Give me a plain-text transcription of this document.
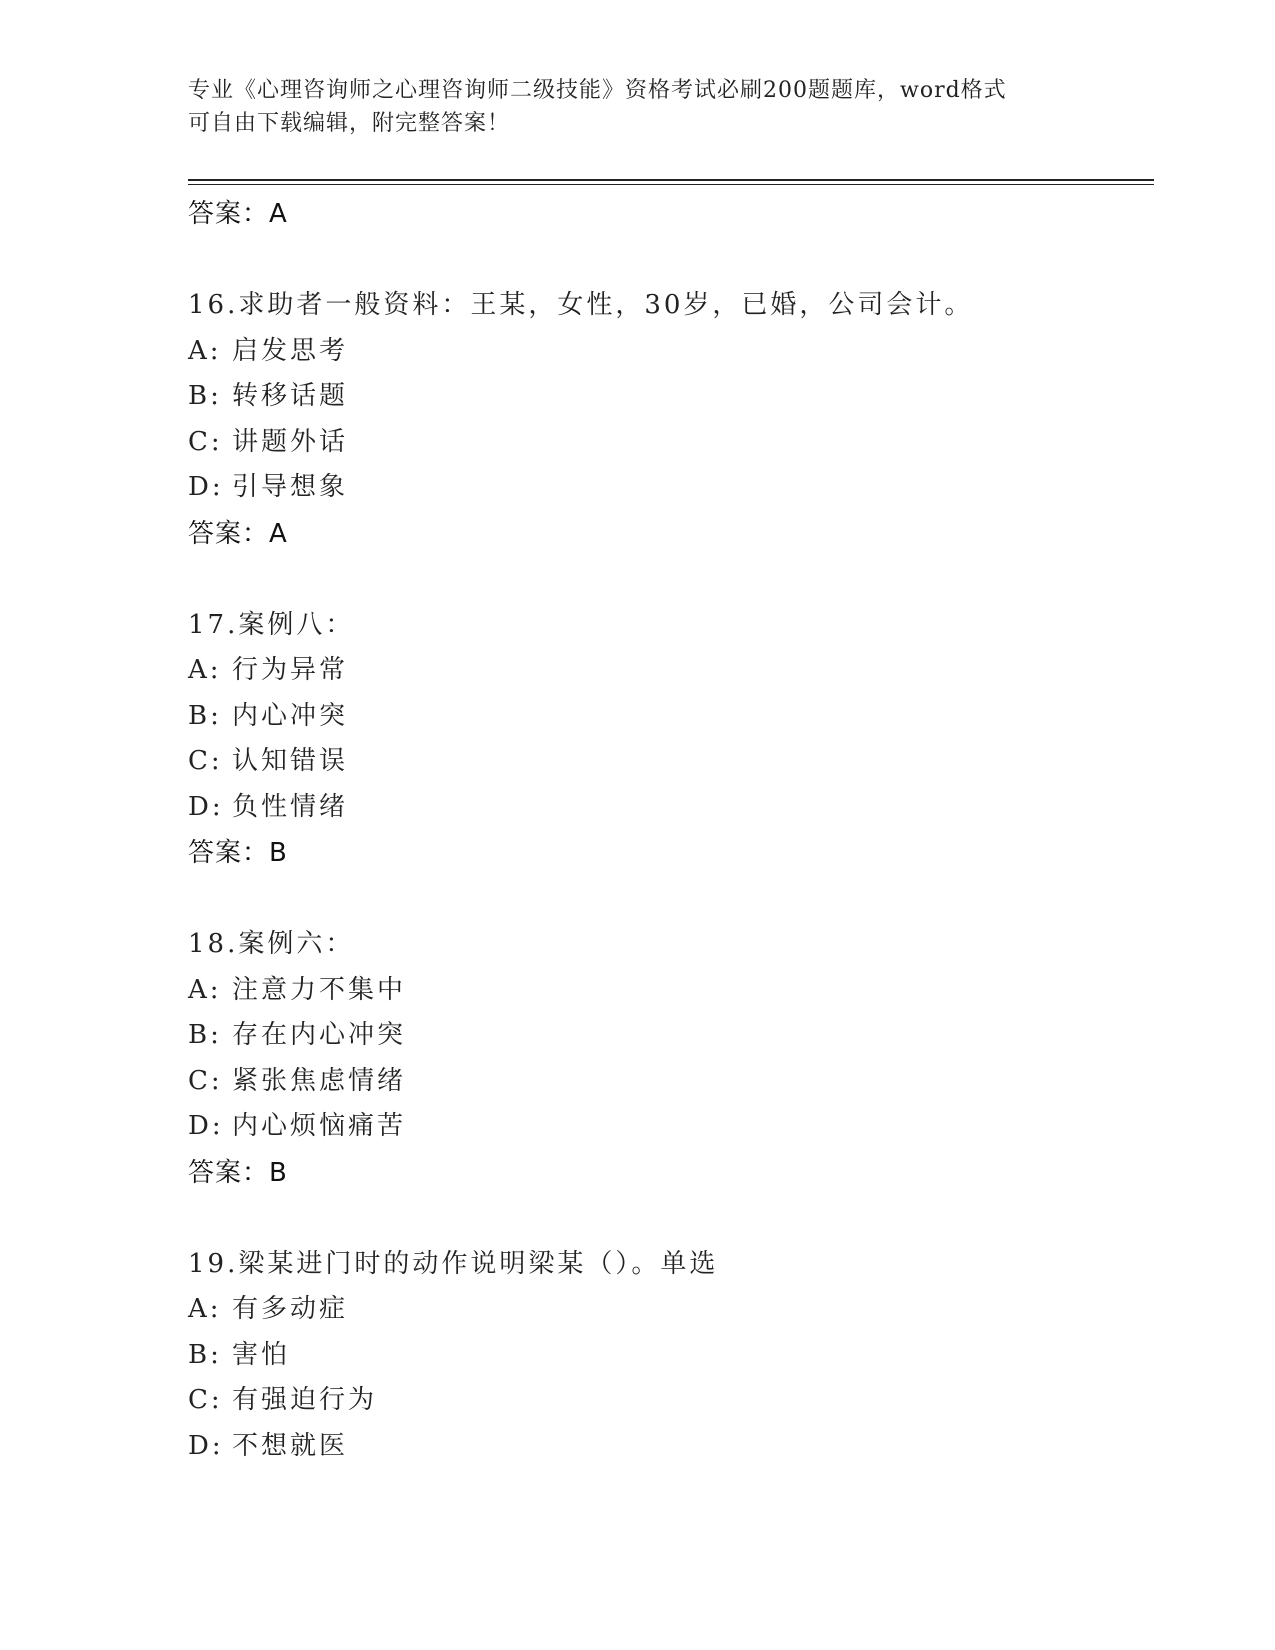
专业《心理咨询师之心理咨询师二级技能》资格考试必刷200题题库，word格式
可自由下载编辑，附完整答案！
答案：A
16.求助者一般资料：王某，女性，30岁，已婚，公司会计。
A: 启发思考
B: 转移话题
C: 讲题外话
D: 引导想象
答案：A
17.案例八：
A: 行为异常
B: 内心冲突
C: 认知错误
D: 负性情绪
答案：B
18.案例六：
A: 注意力不集中
B: 存在内心冲突
C: 紧张焦虑情绪
D: 内心烦恼痛苦
答案：B
19.梁某进门时的动作说明梁某（）。单选
A: 有多动症
B: 害怕
C: 有强迫行为
D: 不想就医
